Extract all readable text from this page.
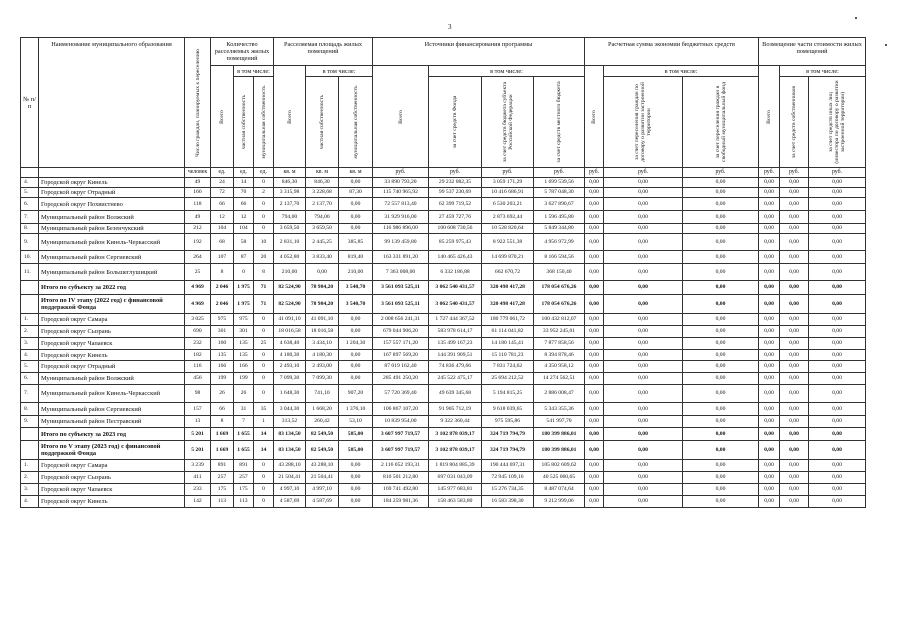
3
№ п/п	Наименование муниципального образования	Число граждан, планируемых к переселению	Количество расселяемых жилых помещений			Расселяемая площадь жилых помещений			Источники финансирования программы				Расчетная сумма экономии бюджетных средств			Возмещение части стоимости жилых помещений		

			Всего	в том числе:		Всего	в том числе:		Всего	в том числе:			Всего	в том числе:		Всего	в том числе:	

				частная собственность	муниципальная собственность		частная собственность	муниципальная собственность		за счет средств Фонда	за счет средств бюджета субъекта Российской Федерации	за счет средств местного бюджета		за счет переселения граждан по договору о развитии застроенной территории	за счет переселения граждан в свободный муниципальный фонд		за счет средств собственников	за счет средств иных лиц (инвестора по договору о развитии застроенной территории)

		человек	ед.	ед.	ед.	кв. м	кв. м	кв. м	руб.	руб.	руб.	руб.	руб.	руб.	руб.	руб.	руб.	руб.
4.	Городской округ Кинель	49	24	14	0	846,30	846,30	0,00	33 890 793,20	29 232 082,35	3 059 171,29	1 699 539,56	0,00	0,00	0,00	0,00	0,00	0,00
5.	Городской округ Отрадный	166	72	70	2	3 315,98	3 228,68	87,30	115 740 965,92	99 537 230,69	10 416 686,91	5 787 048,30	0,00	0,00	0,00	0,00	0,00	0,00
6.	Городской округ Похвистнево	118	66	66	0	2 137,70	2 137,70	0,00	72 557 813,40	62 399 719,52	6 530 203,21	3 627 890,67	0,00	0,00	0,00	0,00	0,00	0,00
7.	Муниципальный район Волжский	49	12	12	0	794,00	794,00	0,00	31 929 916,00	27 459 727,76	2 873 692,44	1 596 495,80	0,00	0,00	0,00	0,00	0,00	0,00
8.	Муниципальный район Безенчукский	212	104	104	0	3 659,50	3 659,50	0,00	116 986 896,00	100 608 730,56	10 528 820,64	5 849 344,80	0,00	0,00	0,00	0,00	0,00	0,00
9.	Муниципальный район Кинель-Черкасский	192	68	58	10	2 831,10	2 445,25	385,85	99 139 459,80	85 259 975,43	8 922 551,38	4 956 972,99	0,00	0,00	0,00	0,00	0,00	0,00
10.	Муниципальный район Сергиевский	264	107	87	20	4 052,80	3 833,40	819,40	163 331 891,20	140 465 426,43	14 699 870,21	8 166 594,56	0,00	0,00	0,00	0,00	0,00	0,00
11.	Муниципальный район Большеглушицкий	25	8	0	8	210,00	0,00	210,00	7 363 008,00	6 332 186,88	662 670,72	368 150,40	0,00	0,00	0,00	0,00	0,00	0,00
	Итого по субъекту за 2022 год	4 969	2 046	1 975	71	82 524,90	78 984,20	3 540,70	3 561 093 525,11	3 062 540 431,57	320 498 417,28	178 054 676,26	0,00	0,00	0,00	0,00	0,00	0,00
	Итого по IV этапу (2022 год) с финансовой поддержкой Фонда	4 969	2 046	1 975	71	82 524,90	78 984,20	3 540,70	3 561 093 525,11	3 062 540 431,57	320 498 417,28	178 054 676,26	0,00	0,00	0,00	0,00	0,00	0,00
1.	Городской округ Самара	3 025	975	975	0	41 091,10	41 091,10	0,00	2 008 656 241,31	1 727 444 367,52	180 779 061,72	100 432 812,07	0,00	0,00	0,00	0,00	0,00	0,00
2.	Городской округ Сызрань	690	301	301	0	18 016,58	18 016,58	0,00	679 044 906,20	583 978 614,17	61 114 041,82	33 952 245,01	0,00	0,00	0,00	0,00	0,00	0,00
3.	Городской округ Чапаевск	232	160	135	25	4 638,40	3 434,10	1 204,30	157 557 171,20	135 499 167,23	14 180 145,41	7 877 858,56	0,00	0,00	0,00	0,00	0,00	0,00
4.	Городской округ Кинель	182	135	135	0	4 180,30	4 180,30	0,00	167 897 569,20	144 391 909,51	15 110 781,23	8 394 878,46	0,00	0,00	0,00	0,00	0,00	0,00
5.	Городской округ Отрадный	116	166	166	0	2 493,10	2 493,00	0,00	87 019 162,40	74 836 479,66	7 831 724,62	4 350 958,12	0,00	0,00	0,00	0,00	0,00	0,00
6.	Муниципальный район Волжский	456	199	199	0	7 099,30	7 099,30	0,00	285 491 250,20	245 522 475,17	25 694 212,52	14 274 562,51	0,00	0,00	0,00	0,00	0,00	0,00
7.	Муниципальный район Кинель-Черкасский	98	26	26	0	1 648,30	741,10	907,20	57 720 369,40	49 639 345,68	5 194 815,25	2 886 008,47	0,00	0,00	0,00	0,00	0,00	0,00
8.	Муниципальный район Сергиевский	157	66	31	35	3 044,30	1 668,20	1 376,10	106 867 107,20	91 905 712,19	9 618 039,65	5 343 355,36	0,00	0,00	0,00	0,00	0,00	0,00
9.	Муниципальный район Пестравский	13	8	7	1	313,52	260,42	53,10	10 839 954,00	9 322 360,44	975 595,86	541 997,70	0,00	0,00	0,00	0,00	0,00	0,00
	Итого по субъекту за 2023 год	5 201	1 669	1 655	14	83 134,50	82 549,50	585,00	3 607 997 719,57	3 102 878 039,17	324 719 794,79	180 399 886,01	0,00	0,00	0,00	0,00	0,00	0,00
	Итого по V этапу (2023 год) с финансовой поддержкой Фонда	5 201	1 669	1 655	14	83 134,50	82 549,50	585,00	3 607 997 719,57	3 102 878 039,17	324 719 794,79	180 399 886,01	0,00	0,00	0,00	0,00	0,00	0,00
1.	Городской округ Самара	3 239	891	891	0	43 288,10	43 288,10	0,00	2 116 052 193,31	1 819 804 885,39	190 444 697,31	105 802 609,62	0,00	0,00	0,00	0,00	0,00	0,00
2.	Городской округ Сызрань	411	257	257	0	21 504,41	21 504,41	0,00	810 501 212,80	697 031 043,09	72 945 109,16	40 525 060,65	0,00	0,00	0,00	0,00	0,00	0,00
3.	Городской округ Чапаевск	233	175	175	0	4 997,10	4 997,10	0,00	169 741 492,80	145 977 683,81	15 276 734,35	8 487 074,64	0,00	0,00	0,00	0,00	0,00	0,00
4.	Городской округ Кинель	142	113	113	0	4 587,69	4 587,69	0,00	184 259 981,36	158 463 583,80	16 583 398,30	9 212 999,06	0,00	0,00	0,00	0,00	0,00	0,00
